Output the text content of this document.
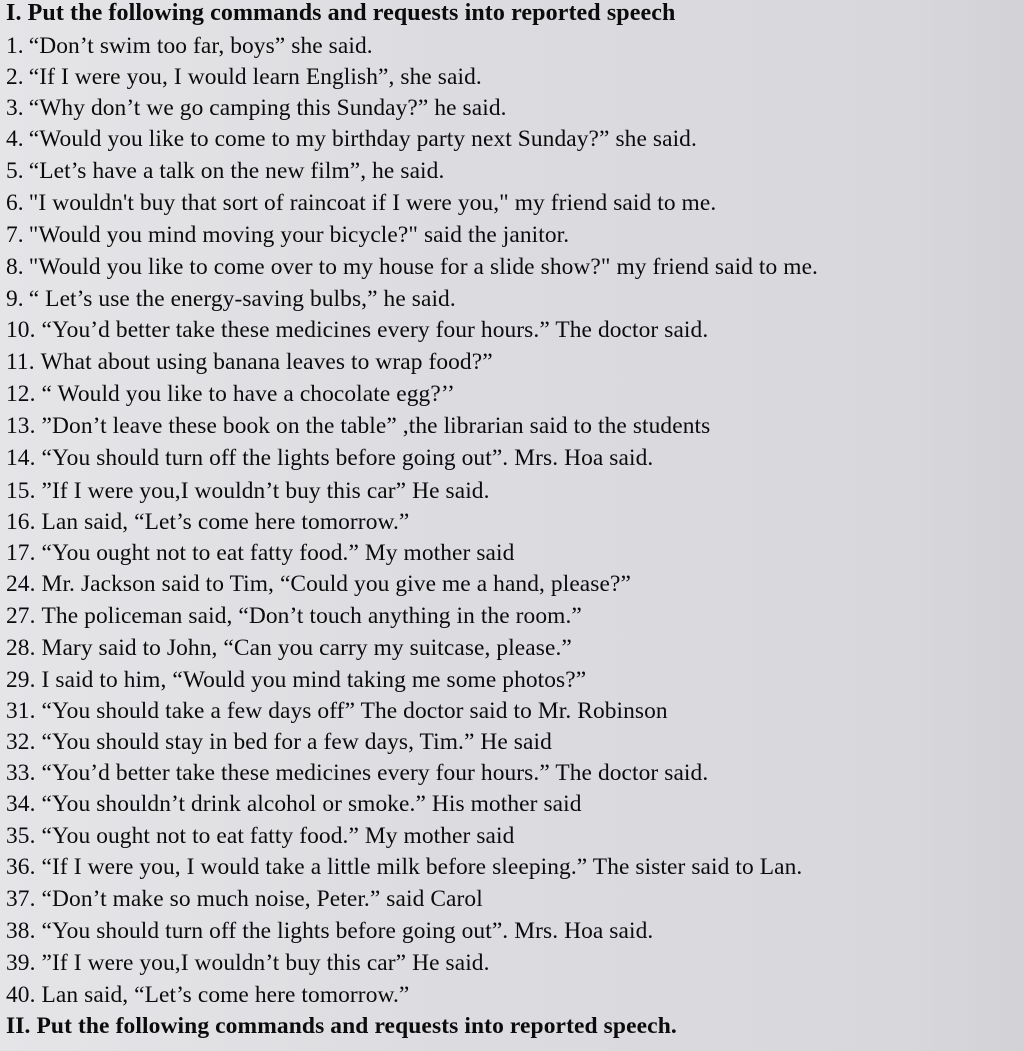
I. Put the following commands and requests into reported speech
1. “Don’t swim too far, boys” she said.
2. “If I were you, I would learn English”, she said.
3. “Why don’t we go camping this Sunday?” he said.
4. “Would you like to come to my birthday party next Sunday?” she said.
5. “Let’s have a talk on the new film”, he said.
6. "I wouldn't buy that sort of raincoat if I were you," my friend said to me.
7. "Would you mind moving your bicycle?" said the janitor.
8. "Would you like to come over to my house for a slide show?" my friend said to me.
9. “ Let’s use the energy-saving bulbs,” he said.
10. “You’d better take these medicines every four hours.” The doctor said.
11. What about using banana leaves to wrap food?”
12. “ Would you like to have a chocolate egg?’’
13. ”Don’t leave these book on the table” ,the librarian said to the students
14. “You should turn off the lights before going out”. Mrs. Hoa said.
15. ”If I were you,I wouldn’t buy this car” He said.
16. Lan said, “Let’s come here tomorrow.”
17. “You ought not to eat fatty food.” My mother said
24. Mr. Jackson said to Tim, “Could you give me a hand, please?”
27. The policeman said, “Don’t touch anything in the room.”
28. Mary said to John, “Can you carry my suitcase, please.”
29. I said to him, “Would you mind taking me some photos?”
31. “You should take a few days off” The doctor said to Mr. Robinson
32. “You should stay in bed for a few days, Tim.” He said
33. “You’d better take these medicines every four hours.” The doctor said.
34. “You shouldn’t drink alcohol or smoke.” His mother said
35. “You ought not to eat fatty food.” My mother said
36. “If I were you, I would take a little milk before sleeping.” The sister said to Lan.
37. “Don’t make so much noise, Peter.” said Carol
38. “You should turn off the lights before going out”. Mrs. Hoa said.
39. ”If I were you,I wouldn’t buy this car” He said.
40. Lan said, “Let’s come here tomorrow.”
II. Put the following commands and requests into reported speech.
